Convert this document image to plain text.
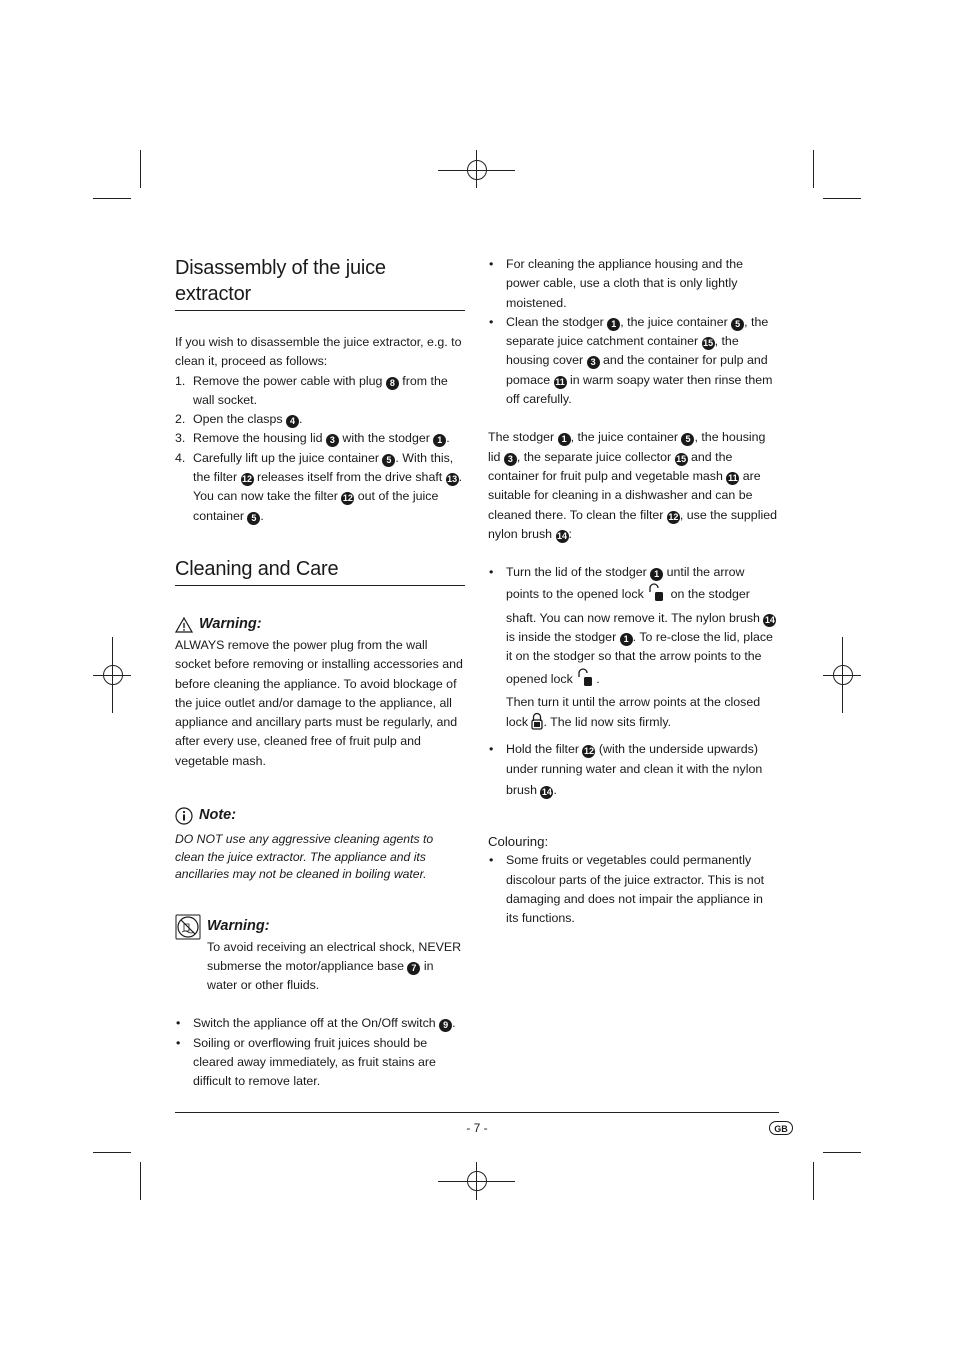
Disassembly of the juice extractor

If you wish to disassemble the juice extractor, e.g. to clean it, proceed as follows:

1. Remove the power cable with plug 8 from the wall socket.
2. Open the clasps 4 .
3. Remove the housing lid 3 with the stodger 1 .
4. Carefully lift up the juice container 5 . With this, the filter 12 releases itself from the drive shaft 13 . You can now take the filter 12 out of the juice container 5 .
Cleaning and Care
Warning:

ALWAYS remove the power plug from the wall socket before removing or installing accessories and before cleaning the appliance. To avoid blockage of the juice outlet and/or damage to the appliance, all appliance and ancillary parts must be regularly, and after every use, cleaned free of fruit pulp and vegetable mash.

Note:

DO NOT use any aggressive cleaning agents to clean the juice extractor. The appliance and its ancillaries may not be cleaned in boiling water.

Warning:

To avoid receiving an electrical shock, NEVER submerse the motor/appliance base 7 in water or other fluids.

• Switch the appliance off at the On/Off switch 9 .
• Soiling or overflowing fruit juices should be cleared away immediately, as fruit stains are difficult to remove later.
• For cleaning the appliance housing and the power cable, use a cloth that is only lightly moistened.
• Clean the stodger 1 , the juice container 5 , the separate juice catchment container 15 , the housing cover 3 and the container for pulp and pomace 11 in warm soapy water then rinse them off carefully.

The stodger 1 , the juice container 5 , the housing lid 3 , the separate juice collector 15 and the container for fruit pulp and vegetable mash 11 are suitable for cleaning in a dishwasher and can be cleaned there. To clean the filter 12 , use the supplied nylon brush 14 :

• Turn the lid of the stodger 1 until the arrow points to the opened lock  on the stodger shaft. You can now remove it. The nylon brush 14 is inside the stodger 1 . To re-close the lid, place it on the stodger so that the arrow points to the opened lock .
Then turn it until the arrow points at the closed lock . The lid now sits firmly.
• Hold the filter 12 (with the underside upwards) under running water and clean it with the nylon brush 14 .

Colouring:

• Some fruits or vegetables could permanently discolour parts of the juice extractor. This is not damaging and does not impair the appliance in its functions.
- 7 -	GB
